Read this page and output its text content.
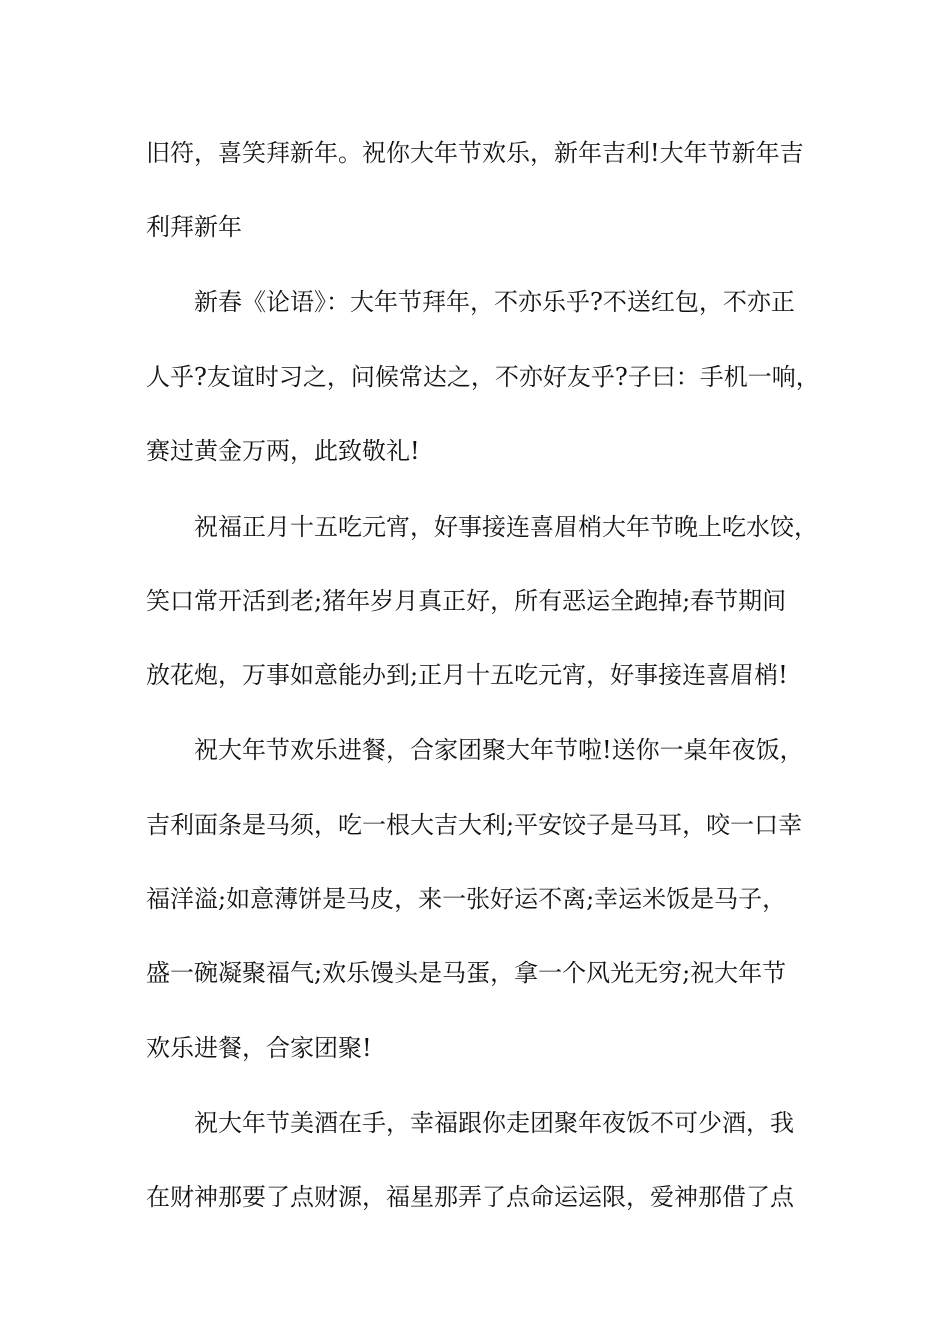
旧符，喜笑拜新年。祝你大年节欢乐，新年吉利!大年节新年吉
利拜新年
新春《论语》：大年节拜年，不亦乐乎?不送红包，不亦正
人乎?友谊时习之，问候常达之，不亦好友乎?子曰：手机一响，
赛过黄金万两，此致敬礼!
祝福正月十五吃元宵，好事接连喜眉梢大年节晚上吃水饺，
笑口常开活到老;猪年岁月真正好，所有恶运全跑掉;春节期间
放花炮，万事如意能办到;正月十五吃元宵，好事接连喜眉梢!
祝大年节欢乐进餐，合家团聚大年节啦!送你一桌年夜饭，
吉利面条是马须，吃一根大吉大利;平安饺子是马耳，咬一口幸
福洋溢;如意薄饼是马皮，来一张好运不离;幸运米饭是马子，
盛一碗凝聚福气;欢乐馒头是马蛋，拿一个风光无穷;祝大年节
欢乐进餐，合家团聚!
祝大年节美酒在手，幸福跟你走团聚年夜饭不可少酒，我
在财神那要了点财源，福星那弄了点命运运限，爱神那借了点
